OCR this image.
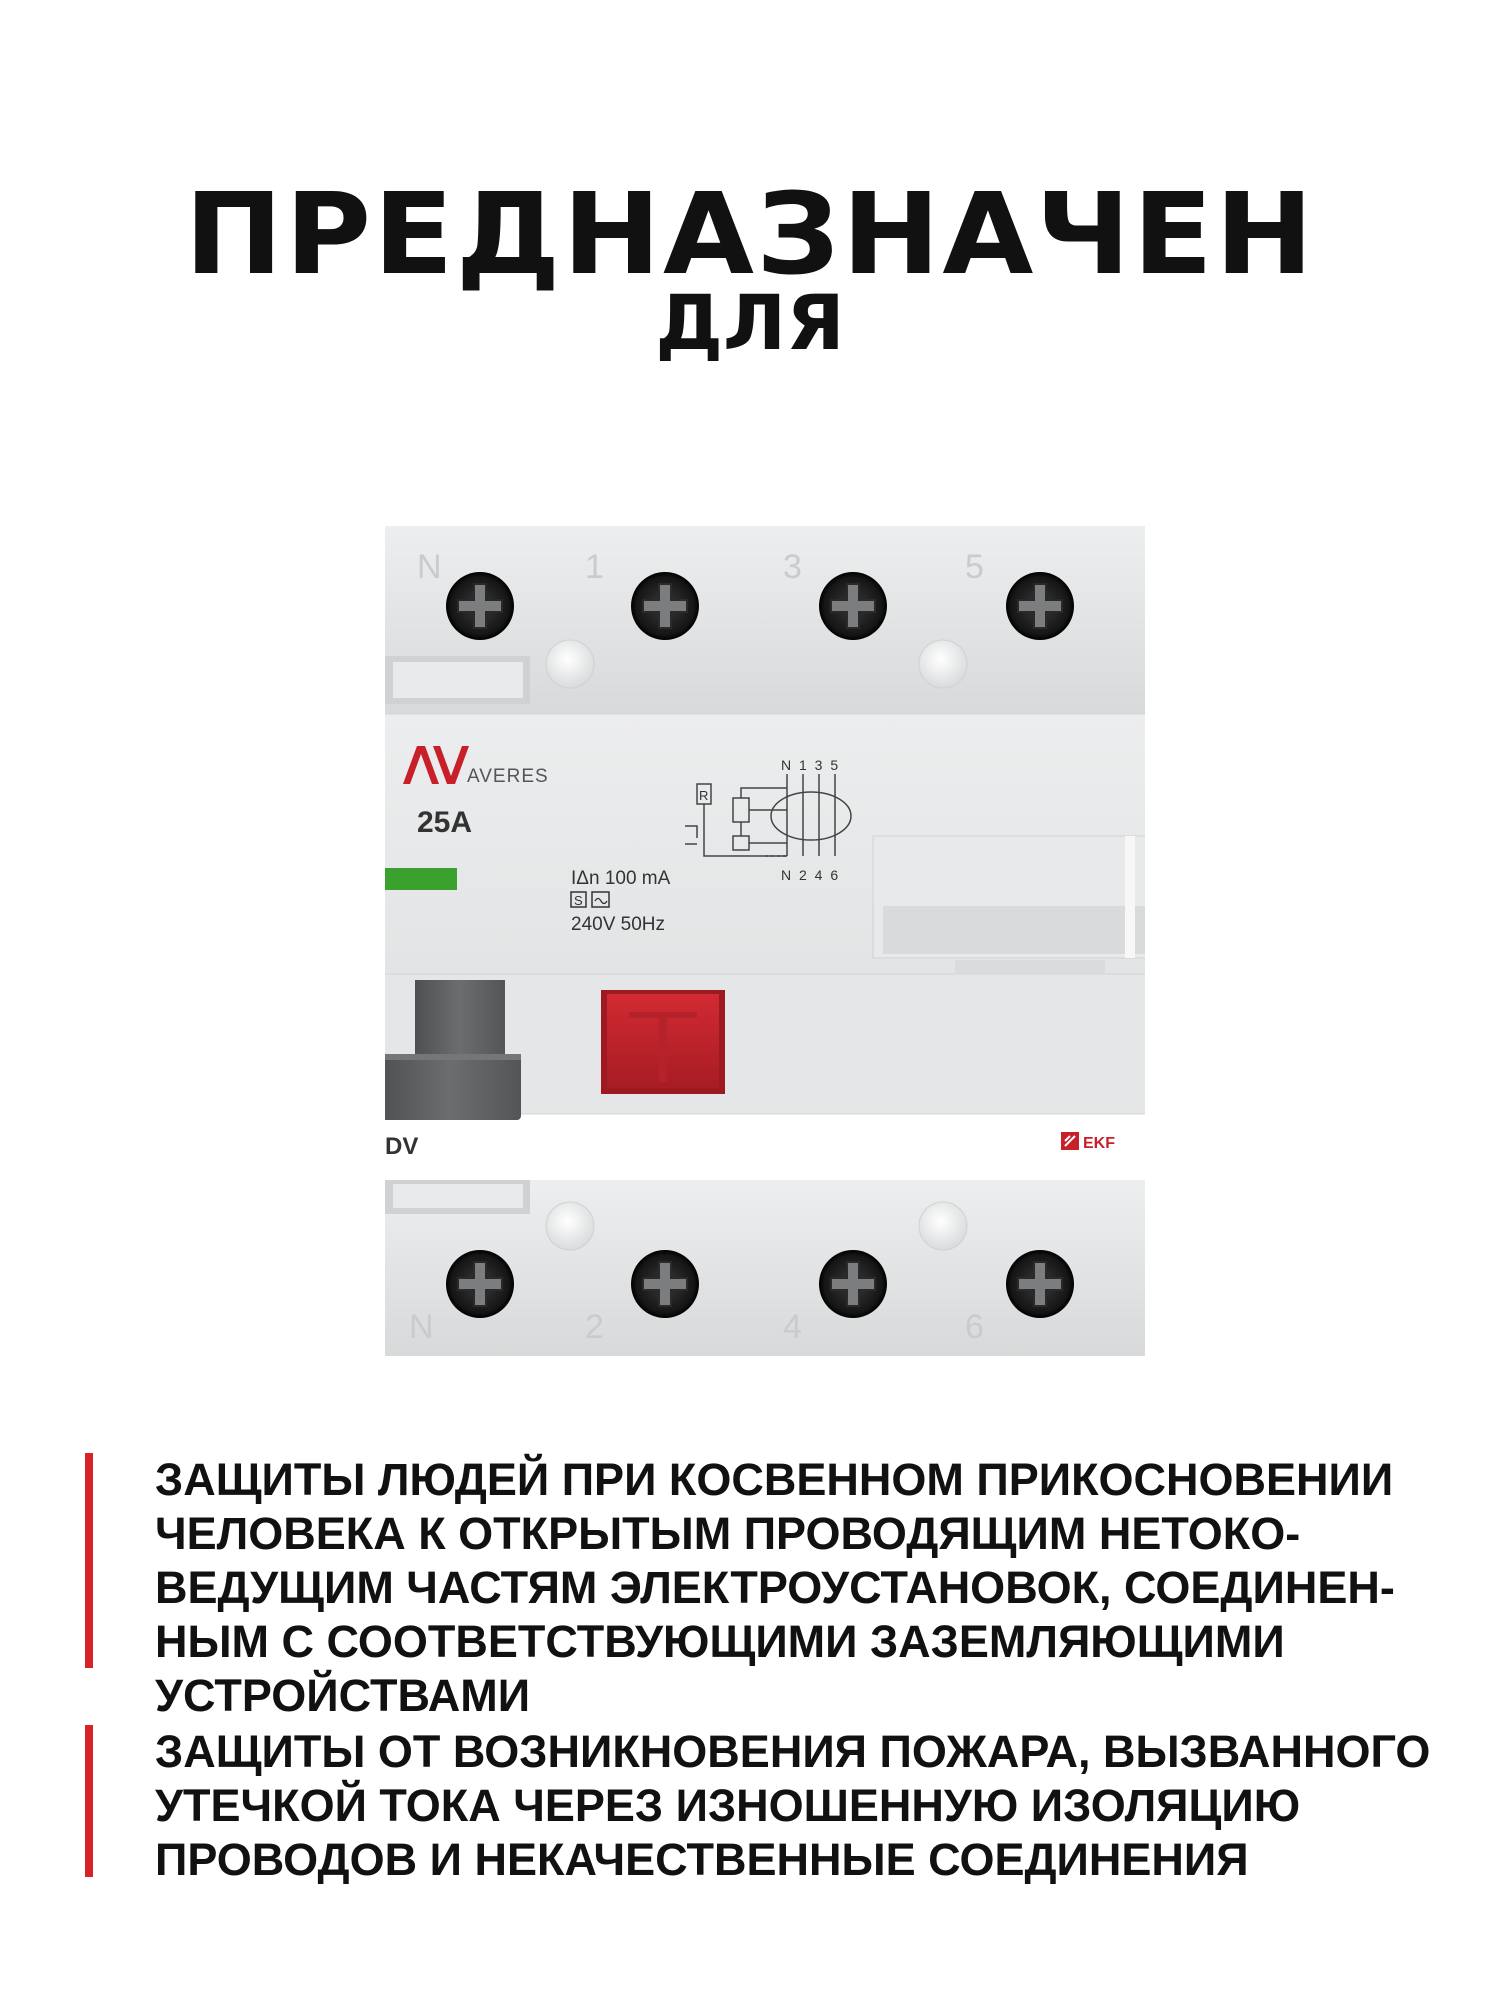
ПРЕДНАЗНАЧЕН
ДЛЯ
N	1	3	5
AVERES
25A
IΔn 100 mA
S
240V 50Hz
R
N 1 3 5
N 2 4 6
DV	EKF
N	2	4	6

ЗАЩИТЫ ЛЮДЕЙ ПРИ КОСВЕННОМ ПРИКОСНОВЕНИИ
ЧЕЛОВЕКА К ОТКРЫТЫМ ПРОВОДЯЩИМ НЕТОКО-
ВЕДУЩИМ ЧАСТЯМ ЭЛЕКТРОУСТАНОВОК, СОЕДИНЕН-
НЫМ С СООТВЕТСТВУЮЩИМИ ЗАЗЕМЛЯЮЩИМИ
УСТРОЙСТВАМИ

ЗАЩИТЫ ОТ ВОЗНИКНОВЕНИЯ ПОЖАРА, ВЫЗВАННОГО
УТЕЧКОЙ ТОКА ЧЕРЕЗ ИЗНОШЕННУЮ ИЗОЛЯЦИЮ
ПРОВОДОВ И НЕКАЧЕСТВЕННЫЕ СОЕДИНЕНИЯ
